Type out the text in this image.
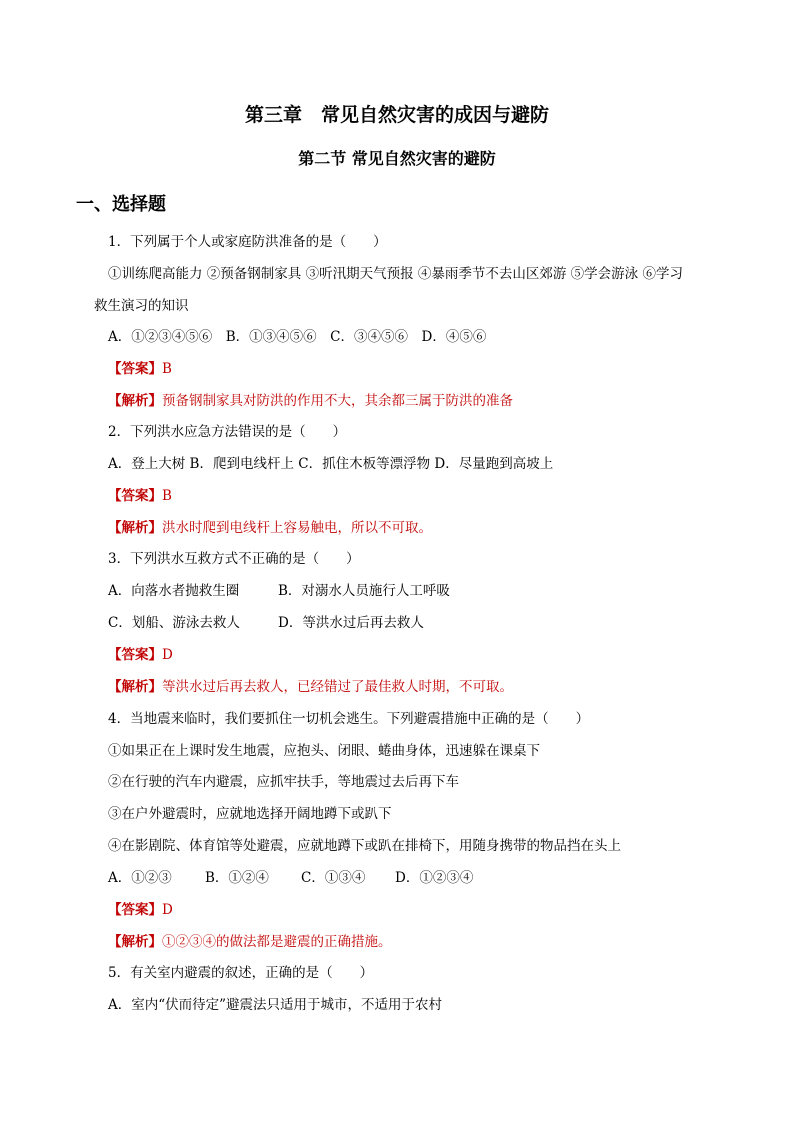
第三章　常见自然灾害的成因与避防
第二节 常见自然灾害的避防
一、选择题
1．下列属于个人或家庭防洪准备的是（　　）
①训练爬高能力 ②预备钢制家具 ③听汛期天气预报 ④暴雨季节不去山区郊游 ⑤学会游泳 ⑥学习
救生演习的知识
A．①②③④⑤⑥　B．①③④⑤⑥　C．③④⑤⑥　D．④⑤⑥
【答案】B
【解析】预备钢制家具对防洪的作用不大，其余都三属于防洪的准备
2．下列洪水应急方法错误的是（　　）
A．登上大树 B．爬到电线杆上 C．抓住木板等漂浮物 D．尽量跑到高坡上
【答案】B
【解析】洪水时爬到电线杆上容易触电，所以不可取。
3．下列洪水互救方式不正确的是（　　）
A．向落水者抛救生圈	B．对溺水人员施行人工呼吸
C．划船、游泳去救人	D．等洪水过后再去救人
【答案】D
【解析】等洪水过后再去救人，已经错过了最佳救人时期，不可取。
4．当地震来临时，我们要抓住一切机会逃生。下列避震措施中正确的是（　　）
①如果正在上课时发生地震，应抱头、闭眼、蜷曲身体，迅速躲在课桌下
②在行驶的汽车内避震，应抓牢扶手，等地震过去后再下车
③在户外避震时，应就地选择开阔地蹲下或趴下
④在影剧院、体育馆等处避震，应就地蹲下或趴在排椅下，用随身携带的物品挡在头上
A．①②③ B．①②④ C．①③④ D．①②③④
【答案】D
【解析】①②③④的做法都是避震的正确措施。
5．有关室内避震的叙述，正确的是（　　）
A．室内“伏而待定”避震法只适用于城市，不适用于农村
